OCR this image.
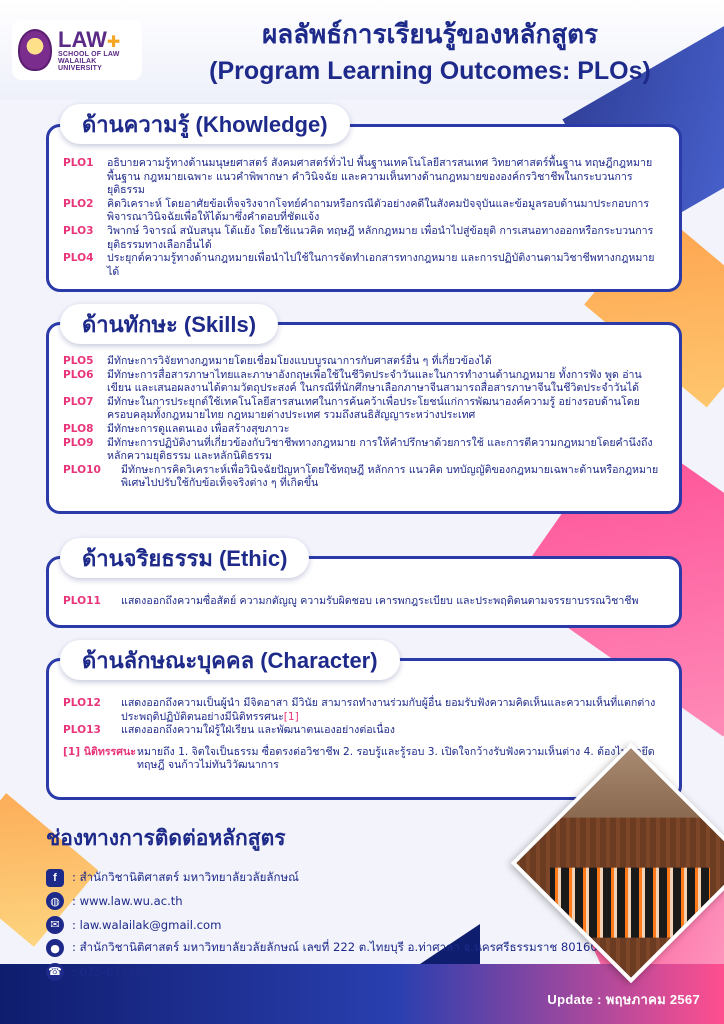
LAW✚
SCHOOL OF LAW
WALAILAK UNIVERSITY
ผลลัพธ์การเรียนรู้ของหลักสูตร
(Program Learning Outcomes: PLOs)
PLO1	อธิบายความรู้ทางด้านมนุษยศาสตร์ สังคมศาสตร์ทั่วไป พื้นฐานเทคโนโลยีสารสนเทศ วิทยาศาสตร์พื้นฐาน ทฤษฎีกฎหมายพื้นฐาน กฎหมายเฉพาะ แนวคำพิพากษา คำวินิจฉัย และความเห็นทางด้านกฎหมายขององค์กรวิชาชีพในกระบวนการยุติธรรม
PLO2	คิดวิเคราะห์ โดยอาศัยข้อเท็จจริงจากโจทย์คำถามหรือกรณีตัวอย่างคดีในสังคมปัจจุบันและข้อมูลรอบด้านมาประกอบการพิจารณาวินิจฉัยเพื่อให้ได้มาซึ่งคำตอบที่ชัดแจ้ง
PLO3	วิพากษ์ วิจารณ์ สนับสนุน โต้แย้ง โดยใช้แนวคิด ทฤษฎี หลักกฎหมาย เพื่อนำไปสู่ข้อยุติ การเสนอทางออกหรือกระบวนการยุติธรรมทางเลือกอื่นได้
PLO4	ประยุกต์ความรู้ทางด้านกฎหมายเพื่อนำไปใช้ในการจัดทำเอกสารทางกฎหมาย และการปฏิบัติงานตามวิชาชีพทางกฎหมายได้
ด้านความรู้ (Khowledge)
PLO5	มีทักษะการวิจัยทางกฎหมายโดยเชื่อมโยงแบบบูรณาการกับศาสตร์อื่น ๆ ที่เกี่ยวข้องได้
PLO6	มีทักษะการสื่อสารภาษาไทยและภาษาอังกฤษเพื่อใช้ในชีวิตประจำวันและในการทำงานด้านกฎหมาย ทั้งการฟัง พูด อ่าน เขียน และเสนอผลงานได้ตามวัตถุประสงค์ ในกรณีที่นักศึกษาเลือกภาษาจีนสามารถสื่อสารภาษาจีนในชีวิตประจำวันได้
PLO7	มีทักษะในการประยุกต์ใช้เทคโนโลยีสารสนเทศในการค้นคว้าเพื่อประโยชน์แก่การพัฒนาองค์ความรู้ อย่างรอบด้านโดยครอบคลุมทั้งกฎหมายไทย กฎหมายต่างประเทศ รวมถึงสนธิสัญญาระหว่างประเทศ
PLO8	มีทักษะการดูแลตนเอง เพื่อสร้างสุขภาวะ
PLO9	มีทักษะการปฏิบัติงานที่เกี่ยวข้องกับวิชาชีพทางกฎหมาย การให้คำปรึกษาด้วยการใช้ และการตีความกฎหมายโดยคำนึงถึงหลักความยุติธรรม และหลักนิติธรรม
PLO10	มีทักษะการคิดวิเคราะห์เพื่อวินิจฉัยปัญหาโดยใช้ทฤษฎี หลักการ แนวคิด บทบัญญัติของกฎหมายเฉพาะด้านหรือกฎหมายพิเศษไปปรับใช้กับข้อเท็จจริงต่าง ๆ ที่เกิดขึ้น
ด้านทักษะ (Skills)
PLO11	แสดงออกถึงความซื่อสัตย์ ความกตัญญู ความรับผิดชอบ เคารพกฎระเบียบ และประพฤติตนตามจรรยาบรรณวิชาชีพ
ด้านจริยธรรม (Ethic)
PLO12	แสดงออกถึงความเป็นผู้นำ มีจิตอาสา มีวินัย สามารถทำงานร่วมกับผู้อื่น ยอมรับฟังความคิดเห็นและความเห็นที่แตกต่าง ประพฤติปฏิบัติตนอย่างมีนิติทรรศนะ[1]
PLO13	แสดงออกถึงความใฝ่รู้ใฝ่เรียน และพัฒนาตนเองอย่างต่อเนื่อง
[1] นิติทรรศนะ หมายถึง 1. จิตใจเป็นธรรม ซื่อตรงต่อวิชาชีพ 2. รอบรู้และรู้รอบ 3. เปิดใจกว้างรับฟังความเห็นต่าง 4. ต้องไม่ติดยึดทฤษฎี จนก้าวไม่ทันวิวัฒนาการ
ด้านลักษณะบุคคล (Character)
ช่องทางการติดต่อหลักสูตร
f	: สำนักวิชานิติศาสตร์ มหาวิทยาลัยวลัยลักษณ์
◍	: www.law.wu.ac.th
✉	: law.walailak@gmail.com
●	: สำนักวิชานิติศาสตร์ มหาวิทยาลัยวลัยลักษณ์ เลขที่ 222 ต.ไทยบุรี อ.ท่าศาลา จ.นครศรีธรรมราช 80160
☎ : 075-677101-4
Update : พฤษภาคม 2567
